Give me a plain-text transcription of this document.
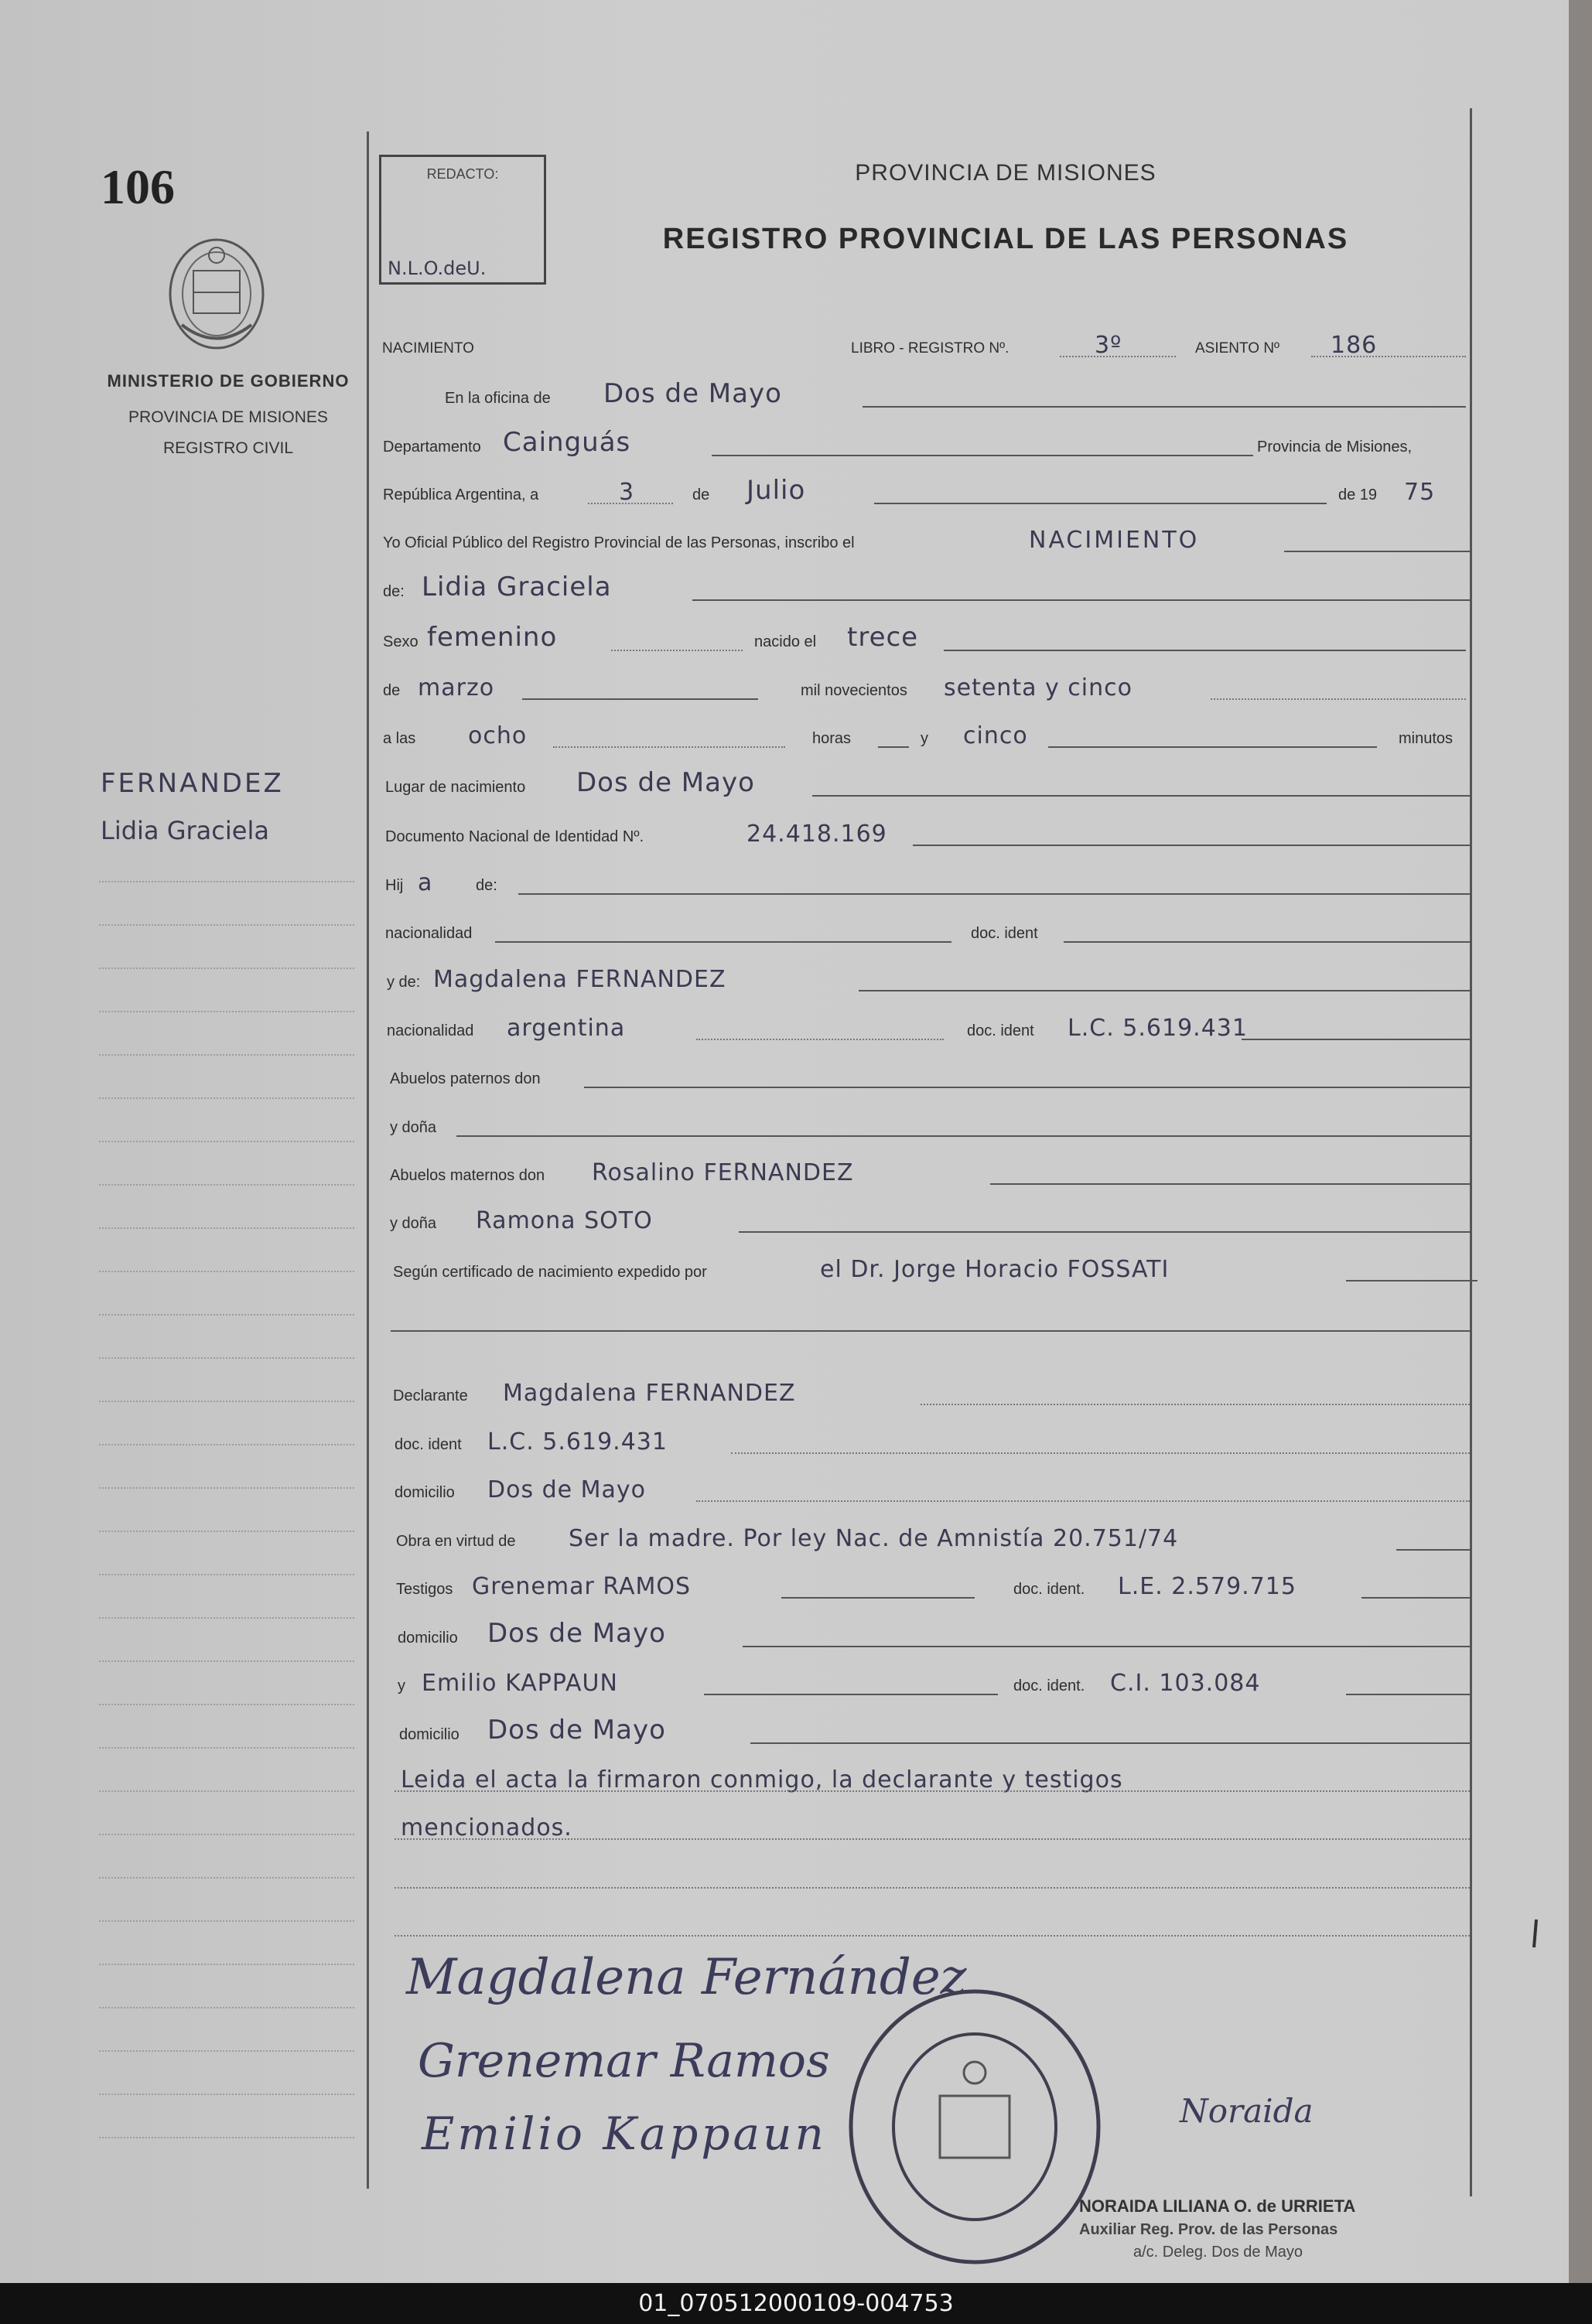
106
MINISTERIO DE GOBIERNO
PROVINCIA DE MISIONES
REGISTRO CIVIL
FERNANDEZ
Lidia Graciela
REDACTO:
N.L.O.deU.
PROVINCIA DE MISIONES
REGISTRO PROVINCIAL DE LAS PERSONAS
NACIMIENTO	LIBRO - REGISTRO Nº.	3º	ASIENTO Nº 186
En la oficina de Dos de Mayo
Departamento Cainguás	Provincia de Misiones,
República Argentina, a	3	de Julio	de 19 75
Yo Oficial Público del Registro Provincial de las Personas, inscribo el	NACIMIENTO
de: Lidia Graciela
Sexo femenino	nacido el trece
de marzo	mil novecientos setenta y cinco
a las ocho	horas	y cinco	minutos
Lugar de nacimiento Dos de Mayo
Documento Nacional de Identidad Nº.	24.418.169
Hij a	de:
nacionalidad	doc. ident
y de: Magdalena FERNANDEZ
nacionalidad argentina	doc. ident L.C. 5.619.431
Abuelos paternos don
y doña
Abuelos maternos don Rosalino FERNANDEZ
y doña Ramona SOTO
Según certificado de nacimiento expedido por	el Dr. Jorge Horacio FOSSATI
Declarante Magdalena FERNANDEZ
doc. ident L.C. 5.619.431
domicilio Dos de Mayo
Obra en virtud de Ser la madre. Por ley Nac. de Amnistía 20.751/74
Testigos Grenemar RAMOS	doc. ident. L.E. 2.579.715
domicilio Dos de Mayo
y Emilio KAPPAUN	doc. ident. C.I. 103.084
domicilio Dos de Mayo
Leida el acta la firmaron conmigo, la declarante y testigos
mencionados.
Magdalena Fernández
Grenemar Ramos
Emilio Kappaun	Noraida
NORAIDA LILIANA O. de URRIETA
Auxiliar Reg. Prov. de las Personas
a/c. Deleg. Dos de Mayo
01_070512000109-004753
